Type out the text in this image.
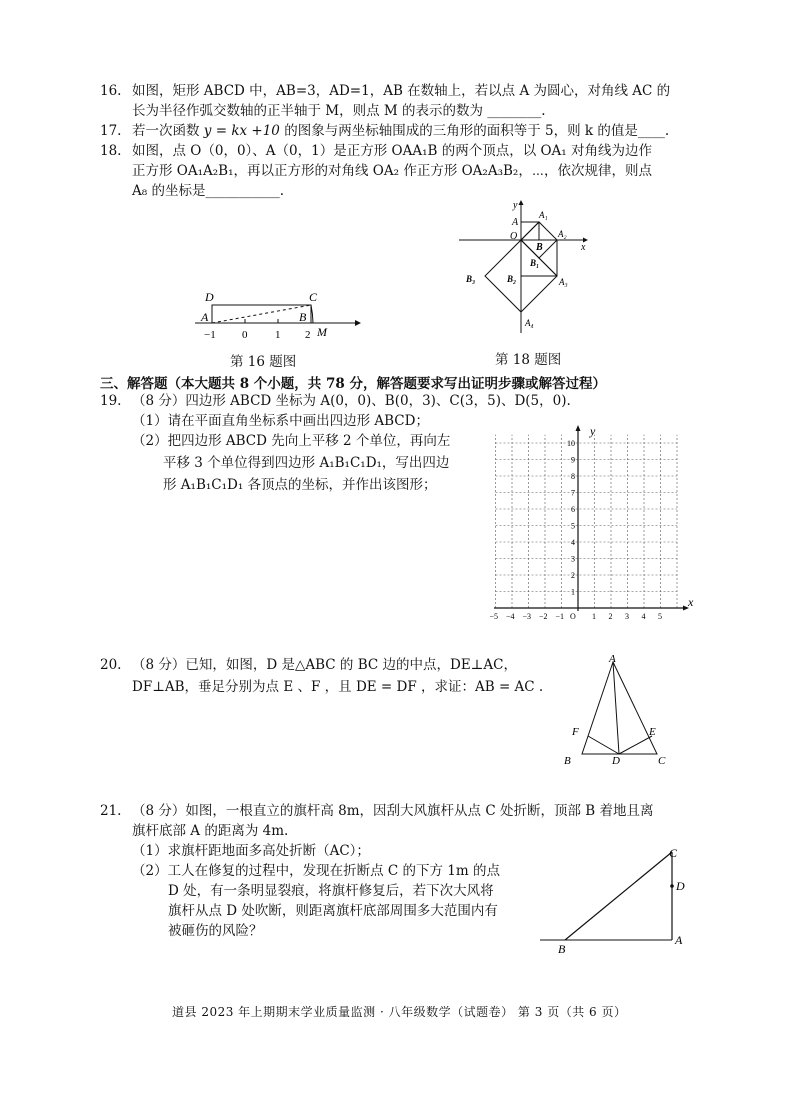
16. 如图，矩形 ABCD 中，AB=3，AD=1，AB 在数轴上，若以点 A 为圆心，对角线 AC 的
长为半径作弧交数轴的正半轴于 M，则点 M 的表示的数为 ________.
17. 若一次函数 y = kx +10 的图象与两坐标轴围成的三角形的面积等于 5，则 k 的值是____.
18. 如图，点 O（0，0）、A（0，1）是正方形 OAA₁B 的两个顶点，以 OA₁ 对角线为边作
正方形 OA₁A₂B₁，再以正方形的对角线 OA₂ 作正方形 OA₂A₃B₂，⋯，依次规律，则点
A₈ 的坐标是___________.
D	C
A	B
M
−1 0	1 2
第 16 题图
y
x
A
O
A₁
A₂
B
B₁
B₂
B₃	A₃
A₄
第 18 题图
三、解答题（本大题共 8 个小题，共 78 分，解答题要求写出证明步骤或解答过程）
19. （8 分）四边形 ABCD 坐标为 A(0，0)、B(0，3)、C(3，5)、D(5，0).
（1）请在平面直角坐标系中画出四边形 ABCD；
（2）把四边形 ABCD 先向上平移 2 个单位，再向左
平移 3 个单位得到四边形 A₁B₁C₁D₁，写出四边
形 A₁B₁C₁D₁ 各顶点的坐标，并作出该图形；
y
x
O
−5 −4 −3 −2 −1	1 2 3 4 5
1
2
3
4
5
6
7
8
9
10
20. （8 分）已知，如图，D 是△ABC 的 BC 边的中点，DE⊥AC，
DF⊥AB，垂足分别为点 E 、F ，且 DE = DF ，求证：AB = AC .
A
B	C
D
E
F
21. （8 分）如图，一根直立的旗杆高 8m，因刮大风旗杆从点 C 处折断，顶部 B 着地且离
旗杆底部 A 的距离为 4m.
（1）求旗杆距地面多高处折断（AC）；
（2）工人在修复的过程中，发现在折断点 C 的下方 1m 的点
D 处，有一条明显裂痕，将旗杆修复后，若下次大风将
旗杆从点 D 处吹断，则距离旗杆底部周围多大范围内有
被砸伤的风险？
C
D
B
A
道县 2023 年上期期末学业质量监测 · 八年级数学（试题卷） 第 3 页（共 6 页）
